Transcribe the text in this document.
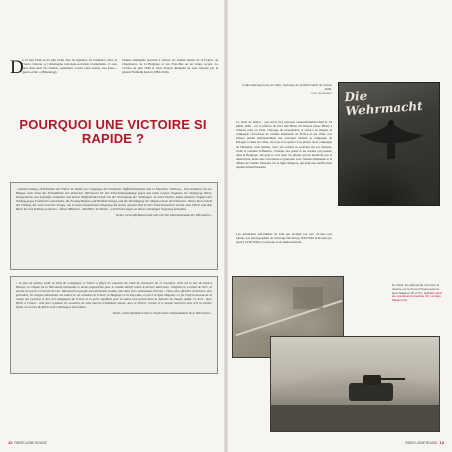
D
u 10 mai 1940 au 22 juin 1940, date de signature de l'armistice entre la France vaincue et l'Allemagne nationale-socialiste triomphante, il aura fallu deux mois de combats, seulement. Contre toute attente, lors d'une « guerre-éclair » (Blitzkrieg),
l'armée allemande parvient à vaincre les armées alliées de la France, de l'Angleterre, de la Belgique et des Pays-Bas en un temps record. La victoire de juin 1940 et l'état d'esprit allemand en sont exposés par le général Wilhelm Keitel (1882-1946).
POURQUOI UNE VICTOIRE SI RAPIDE ?
« Sommerwolkige 1940 fiedelte der Führer im Walde von Compiègne die Schuld der Waffenstillstandes vom 11 November 1918 aus... Vom Nordmeer bis zur Biskaya steht heute die Schutzblöcke des deutschen Wehrmacht für den Entscheidungskampf gegen das letzte Gegner, England, zur Verfügung. Hiere, Kriegsmarine und Luftwaffe verdanken und dessen Waffenbrüderschaft von der Vereinigung der Siedlungen. In sechs Wochen haben deutsche Truppen den Feldzug gegen Frankreich entschieden, die Festung Belgien und Holland besiegt, und die Verteidigung der Maginot-Linie durchbrochen. Dieses Ziel erreicht der Feldzug, der neue Geist der Truppe, hat in einem beispiellosen Siegeszug die Armee und das Volk in ihrer Entschlossenheit vereint, dem Führer und dem Reich bis zum Endsieg zu dienen... Dieses Bildwerk - Mit Hitler im Westen - will Erinnerungen an diesen einmaligen Siegeszug festhalten.
Keitel, Generalfeldmarschall und Chef des Oberkommando der Wehrmacht »
« Le jour du solstice 1940, en forêt de Compiègne, le Führer a effacé les séquelles du traité de l'armistice du 11 novembre 1918. De la mer du Nord à Biscaye, le rempart de la Wehrmacht allemande se dresse aujourd'hui pour le combat décisif contre le dernier adversaire, l'Angleterre. L'armée de terre, la marine de guerre et l'armée de l'air. Wehrmacht et peuple sont désormais soudés, unis dans leur communauté d'armes... Dans cette offensive victorieuse sans précédent, les troupes allemandes ont vaincu en six semaines la France, la Belgique et les Pays-Bas, et percé la ligne Maginot. Ce fut l'esprit nouveau de la troupe qui a permis ce but. Les campagnes de France et ce qu'ils signifient pour la nation sont gravés dans la mémoire de chaque soldat. Ce livre - Avec Hitler à l'Ouest - veut fixer à jamais les souvenirs de cette marche triomphale unique. Avec le Führer, l'armée et le peuple marchent unis vers la victoire finale, au service du Reich et de l'Allemagne tout entière.
Keitel, Generalfeldmarschall et chef du haut commandement de la Wehrmacht »
L'objet allemand issu du Parti, Gazettes de la Wehrmacht du 10 juin 1940.
Coll. de l'auteur Die Wehrmacht
Ce texte de Keitel - qui ouvre (le) nouveau Generalfeldmarschall le 19 juillet 1940 - est la préface du livre Mit Hitler im Westen (Avec Hitler à l'Ouest) paru en 1941. Ouvrage de propagande, il retrace en images la campagne victorieuse de l'armée allemande en France et ses alliés. Cet éditeur publie principalement des ouvrages relatant la campagne de Pologne et dans les villes, les pays et la guerre. Les photos de la campagne de Hollande, sous marine, avec des soldats se trouvant sur les bateaux, avant et pendant l'offensive, l'attaque des ponts et les soldats qui passent dans la Belgique. On peut le voir dans ces photos qui ne montrent pas la destruction, mais celle victorieuse et glorieuse avec l'armée allemande et la défaite de l'armée française sur la ligne Maginot, qui était une fortification réputée infranchissable.
Les Allemands eux-mêmes ne sont pas étonnés par leur victoire très rapide. Les photographies de l'ouvrage Der Krieg 1939/1940 in Karten (Le guerre 1939/1940) en sont une vraie démonstration.
En 1941, les allemands montrent la victoire sur le Front d'Ouest avec la ligne Maginot (III et IV), facilitant ainsi les opérations terrestres (II). La ligne Maginot (II).
12 PARIS LIGNE ROUGE	PARIS LIGNE ROUGE 13
